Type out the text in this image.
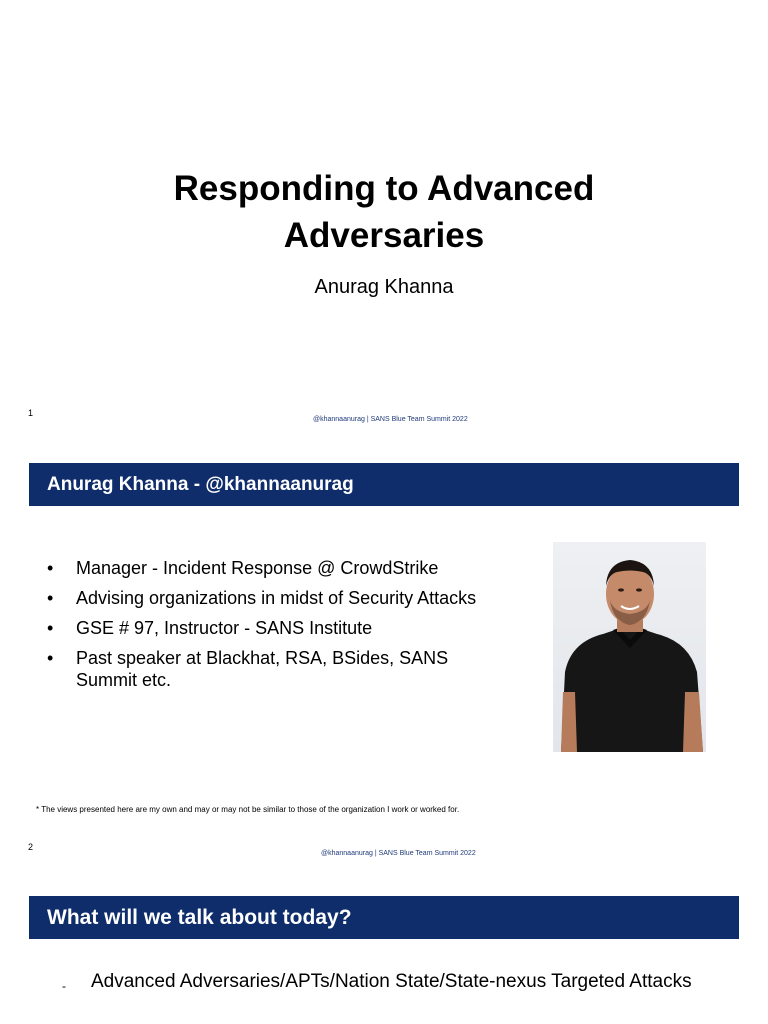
Responding to Advanced
Adversaries
Anurag Khanna
1
@khannaanurag | SANS Blue Team Summit 2022
Anurag Khanna - @khannaanurag
• Manager - Incident Response @ CrowdStrike
• Advising organizations in midst of Security Attacks
• GSE # 97, Instructor - SANS Institute
• Past speaker at Blackhat, RSA, BSides, SANS Summit etc.
* The views presented here are my own and may or may not be similar to those of the organization I work or worked for.
2
@khannaanurag | SANS Blue Team Summit 2022
What will we talk about today?
- Advanced Adversaries/APTs/Nation State/State-nexus Targeted Attacks
